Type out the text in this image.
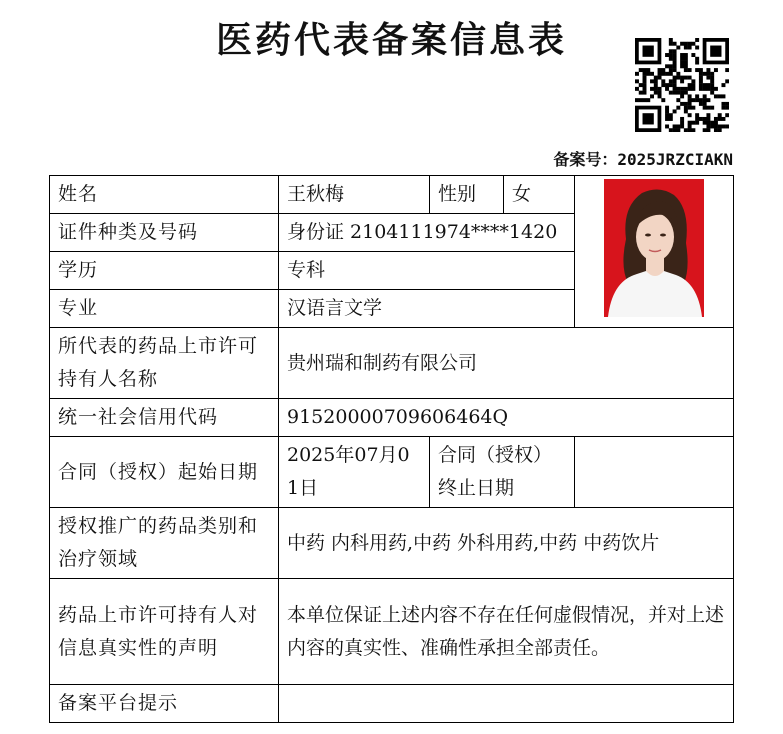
医药代表备案信息表
备案号：2025JRZCIAKN
姓名	王秋梅	性别	女	

证件种类及号码	身份证 2104111974****1420			
学历	专科			
专业	汉语言文学			
所代表的药品上市许可持有人名称	贵州瑞和制药有限公司			
统一社会信用代码	91520000709606464Q			
合同（授权）起始日期	2025年07月01日	合同（授权）终止日期		
授权推广的药品类别和治疗领域	中药 内科用药,中药 外科用药,中药 中药饮片			
药品上市许可持有人对信息真实性的声明	本单位保证上述内容不存在任何虚假情况，并对上述内容的真实性、准确性承担全部责任。			
备案平台提示				
